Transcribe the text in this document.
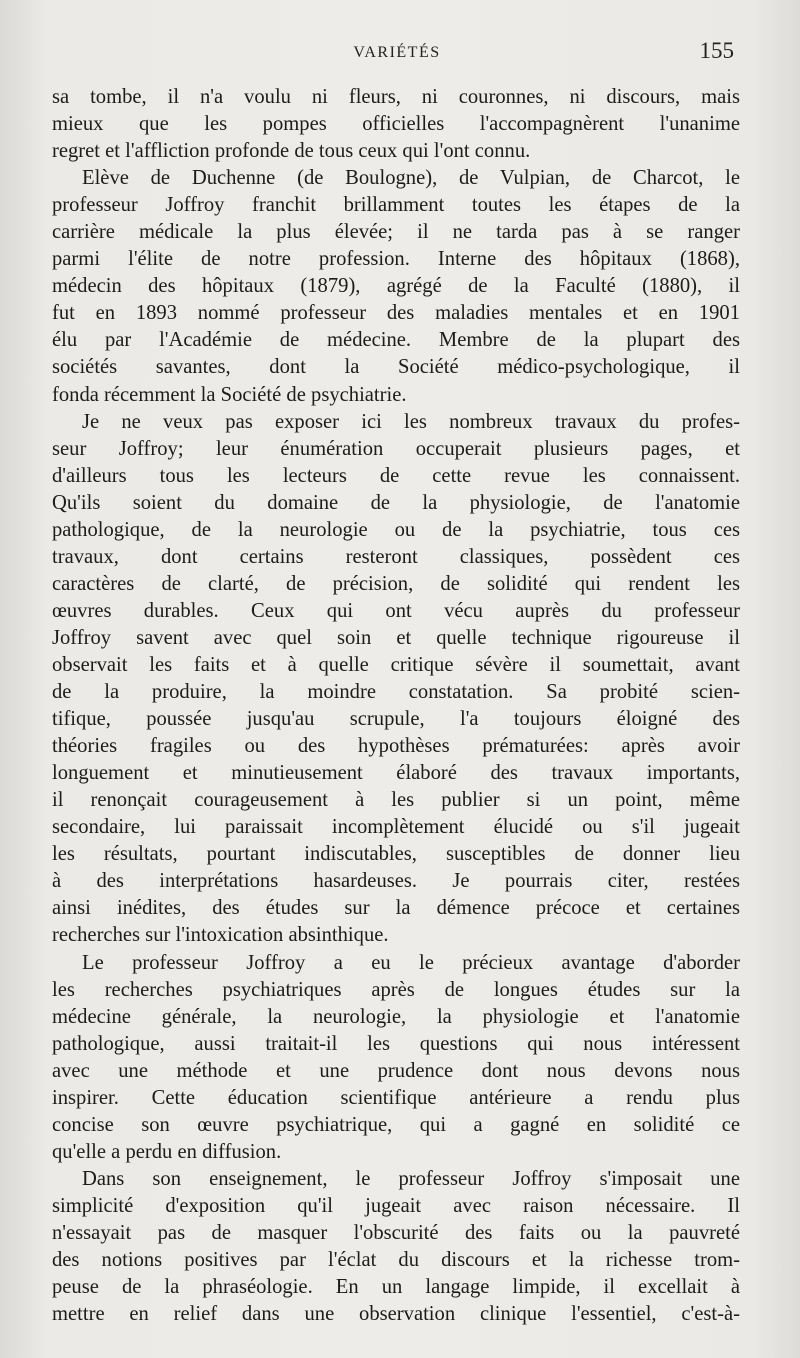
VARIÉTÉS	155
sa tombe, il n'a voulu ni fleurs, ni couronnes, ni discours, mais
mieux que les pompes officielles l'accompagnèrent l'unanime
regret et l'affliction profonde de tous ceux qui l'ont connu.
Elève de Duchenne (de Boulogne), de Vulpian, de Charcot, le
professeur Joffroy franchit brillamment toutes les étapes de la
carrière médicale la plus élevée; il ne tarda pas à se ranger
parmi l'élite de notre profession. Interne des hôpitaux (1868),
médecin des hôpitaux (1879), agrégé de la Faculté (1880), il
fut en 1893 nommé professeur des maladies mentales et en 1901
élu par l'Académie de médecine. Membre de la plupart des
sociétés savantes, dont la Société médico-psychologique, il
fonda récemment la Société de psychiatrie.
Je ne veux pas exposer ici les nombreux travaux du profes-
seur Joffroy; leur énumération occuperait plusieurs pages, et
d'ailleurs tous les lecteurs de cette revue les connaissent.
Qu'ils soient du domaine de la physiologie, de l'anatomie
pathologique, de la neurologie ou de la psychiatrie, tous ces
travaux, dont certains resteront classiques, possèdent ces
caractères de clarté, de précision, de solidité qui rendent les
œuvres durables. Ceux qui ont vécu auprès du professeur
Joffroy savent avec quel soin et quelle technique rigoureuse il
observait les faits et à quelle critique sévère il soumettait, avant
de la produire, la moindre constatation. Sa probité scien-
tifique, poussée jusqu'au scrupule, l'a toujours éloigné des
théories fragiles ou des hypothèses prématurées: après avoir
longuement et minutieusement élaboré des travaux importants,
il renonçait courageusement à les publier si un point, même
secondaire, lui paraissait incomplètement élucidé ou s'il jugeait
les résultats, pourtant indiscutables, susceptibles de donner lieu
à des interprétations hasardeuses. Je pourrais citer, restées
ainsi inédites, des études sur la démence précoce et certaines
recherches sur l'intoxication absinthique.
Le professeur Joffroy a eu le précieux avantage d'aborder
les recherches psychiatriques après de longues études sur la
médecine générale, la neurologie, la physiologie et l'anatomie
pathologique, aussi traitait-il les questions qui nous intéressent
avec une méthode et une prudence dont nous devons nous
inspirer. Cette éducation scientifique antérieure a rendu plus
concise son œuvre psychiatrique, qui a gagné en solidité ce
qu'elle a perdu en diffusion.
Dans son enseignement, le professeur Joffroy s'imposait une
simplicité d'exposition qu'il jugeait avec raison nécessaire. Il
n'essayait pas de masquer l'obscurité des faits ou la pauvreté
des notions positives par l'éclat du discours et la richesse trom-
peuse de la phraséologie. En un langage limpide, il excellait à
mettre en relief dans une observation clinique l'essentiel, c'est-à-
